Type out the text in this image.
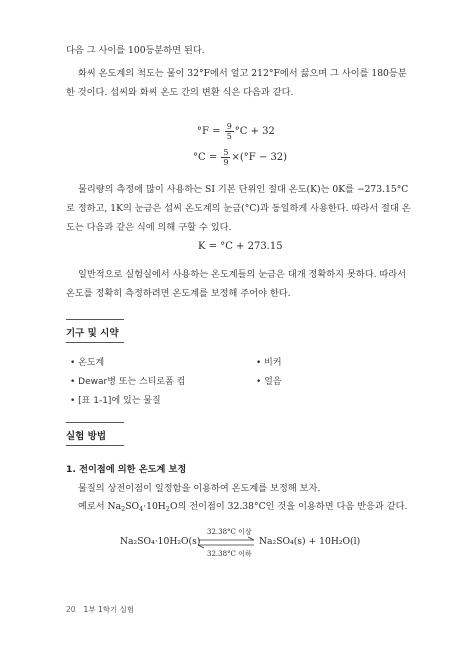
다음 그 사이를 100등분하면 된다.

화씨 온도계의 척도는 물이 32°F에서 얼고 212°F에서 끓으며 그 사이를 180등분한 것이다. 섭씨와 화씨 온도 간의 변환 식은 다음과 같다.

$^\circ F = \frac{9}{5} ^\circ C + 32$
$^\circ C = \frac{5}{9} \times(^\circ F - 32)$

물리량의 측정에 많이 사용하는 SI 기본 단위인 절대 온도(K)는 0K를 −273.15°C로 정하고, 1K의 눈금은 섭씨 온도계의 눈금(°C)과 동일하게 사용한다. 따라서 절대 온도는 다음과 같은 식에 의해 구할 수 있다.

K = °C + 273.15

일반적으로 실험실에서 사용하는 온도계들의 눈금은 대개 정확하지 못하다. 따라서 온도를 정확히 측정하려면 온도계를 보정해 주어야 한다.

기구 및 시약
• 온도계
• Dewar병 또는 스티로폼 컵
• [표 1-1]에 있는 물질
• 비커
• 얼음
실험 방법
1. 전이점에 의한 온도계 보정

물질의 상전이점이 일정함을 이용하여 온도계를 보정해 보자.

예로서 $Na_2SO_4\cdot 10H_2O$의 전이점이 32.38°C인 것을 이용하면 다음 반응과 같다.

Na₂SO₄·10H₂O(s)
32.38°C 이상
32.38°C 이하
Na₂SO₄(s) + 10H₂O(l)
20 1부 1학기 실험
